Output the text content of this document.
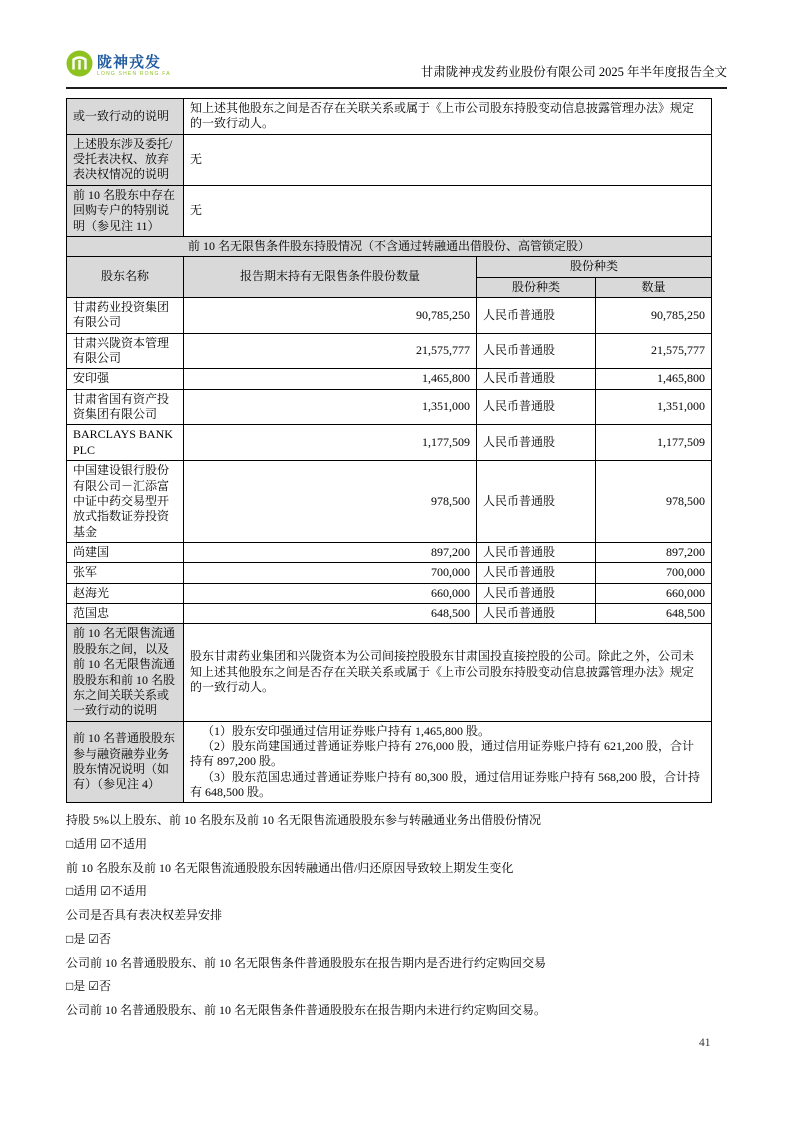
陇神戎发
LONG SHEN RONG FA	甘肃陇神戎发药业股份有限公司 2025 年半年度报告全文
或一致行动的说明	知上述其他股东之间是否存在关联关系或属于《上市公司股东持股变动信息披露管理办法》规定的一致行动人。		
上述股东涉及委托/受托表决权、放弃表决权情况的说明	无		
前 10 名股东中存在回购专户的特别说明（参见注 11）	无		
前 10 名无限售条件股东持股情况（不含通过转融通出借股份、高管锁定股）			
股东名称	报告期末持有无限售条件股份数量	股份种类	
		股份种类	数量
甘肃药业投资集团有限公司	90,785,250	人民币普通股	90,785,250
甘肃兴陇资本管理有限公司	21,575,777	人民币普通股	21,575,777
安印强	1,465,800	人民币普通股	1,465,800
甘肃省国有资产投资集团有限公司	1,351,000	人民币普通股	1,351,000
BARCLAYS BANK PLC	1,177,509	人民币普通股	1,177,509
中国建设银行股份有限公司－汇添富中证中药交易型开放式指数证券投资基金	978,500	人民币普通股	978,500
尚建国	897,200	人民币普通股	897,200
张军	700,000	人民币普通股	700,000
赵海光	660,000	人民币普通股	660,000
范国忠	648,500	人民币普通股	648,500
前 10 名无限售流通股股东之间，以及前 10 名无限售流通股股东和前 10 名股东之间关联关系或一致行动的说明	股东甘肃药业集团和兴陇资本为公司间接控股股东甘肃国投直接控股的公司。除此之外，公司未知上述其他股东之间是否存在关联关系或属于《上市公司股东持股变动信息披露管理办法》规定的一致行动人。		
前 10 名普通股股东参与融资融券业务股东情况说明（如有）（参见注 4）	（1）股东安印强通过信用证券账户持有 1,465,800 股。

（2）股东尚建国通过普通证券账户持有 276,000 股，通过信用证券账户持有 621,200 股，合计持有 897,200 股。

（3）股东范国忠通过普通证券账户持有 80,300 股，通过信用证券账户持有 568,200 股，合计持有 648,500 股。		

持股 5%以上股东、前 10 名股东及前 10 名无限售流通股股东参与转融通业务出借股份情况
□适用 ☑不适用
前 10 名股东及前 10 名无限售流通股股东因转融通出借/归还原因导致较上期发生变化
□适用 ☑不适用
公司是否具有表决权差异安排
□是 ☑否
公司前 10 名普通股股东、前 10 名无限售条件普通股股东在报告期内是否进行约定购回交易
□是 ☑否
公司前 10 名普通股股东、前 10 名无限售条件普通股股东在报告期内未进行约定购回交易。
41
